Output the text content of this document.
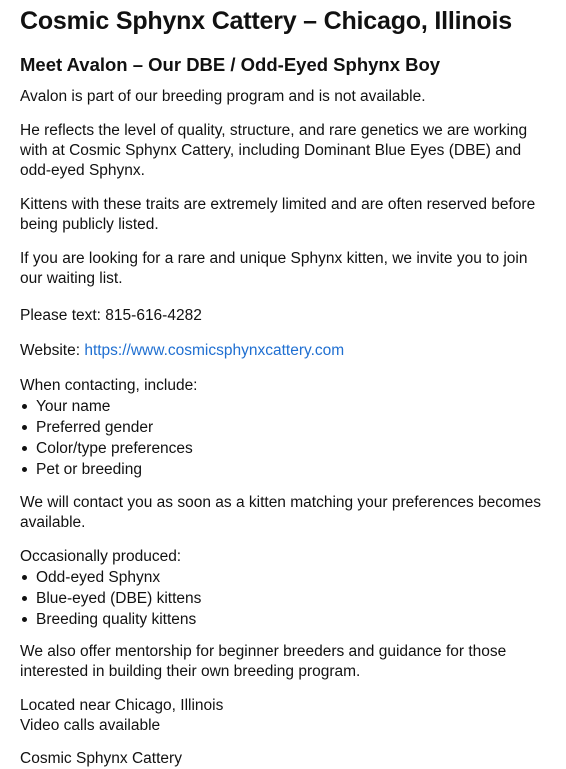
Cosmic Sphynx Cattery – Chicago, Illinois
Meet Avalon – Our DBE / Odd-Eyed Sphynx Boy

Avalon is part of our breeding program and is not available.

He reflects the level of quality, structure, and rare genetics we are working with at Cosmic Sphynx Cattery, including Dominant Blue Eyes (DBE) and odd-eyed Sphynx.

Kittens with these traits are extremely limited and are often reserved before being publicly listed.

If you are looking for a rare and unique Sphynx kitten, we invite you to join our waiting list.

Please text: 815-616-4282

Website: https://www.cosmicsphynxcattery.com

When contacting, include:

Your name
Preferred gender
Color/type preferences
Pet or breeding

We will contact you as soon as a kitten matching your preferences becomes available.

Occasionally produced:

Odd-eyed Sphynx
Blue-eyed (DBE) kittens
Breeding quality kittens

We also offer mentorship for beginner breeders and guidance for those interested in building their own breeding program.

Located near Chicago, Illinois

Video calls available

Cosmic Sphynx Cattery
